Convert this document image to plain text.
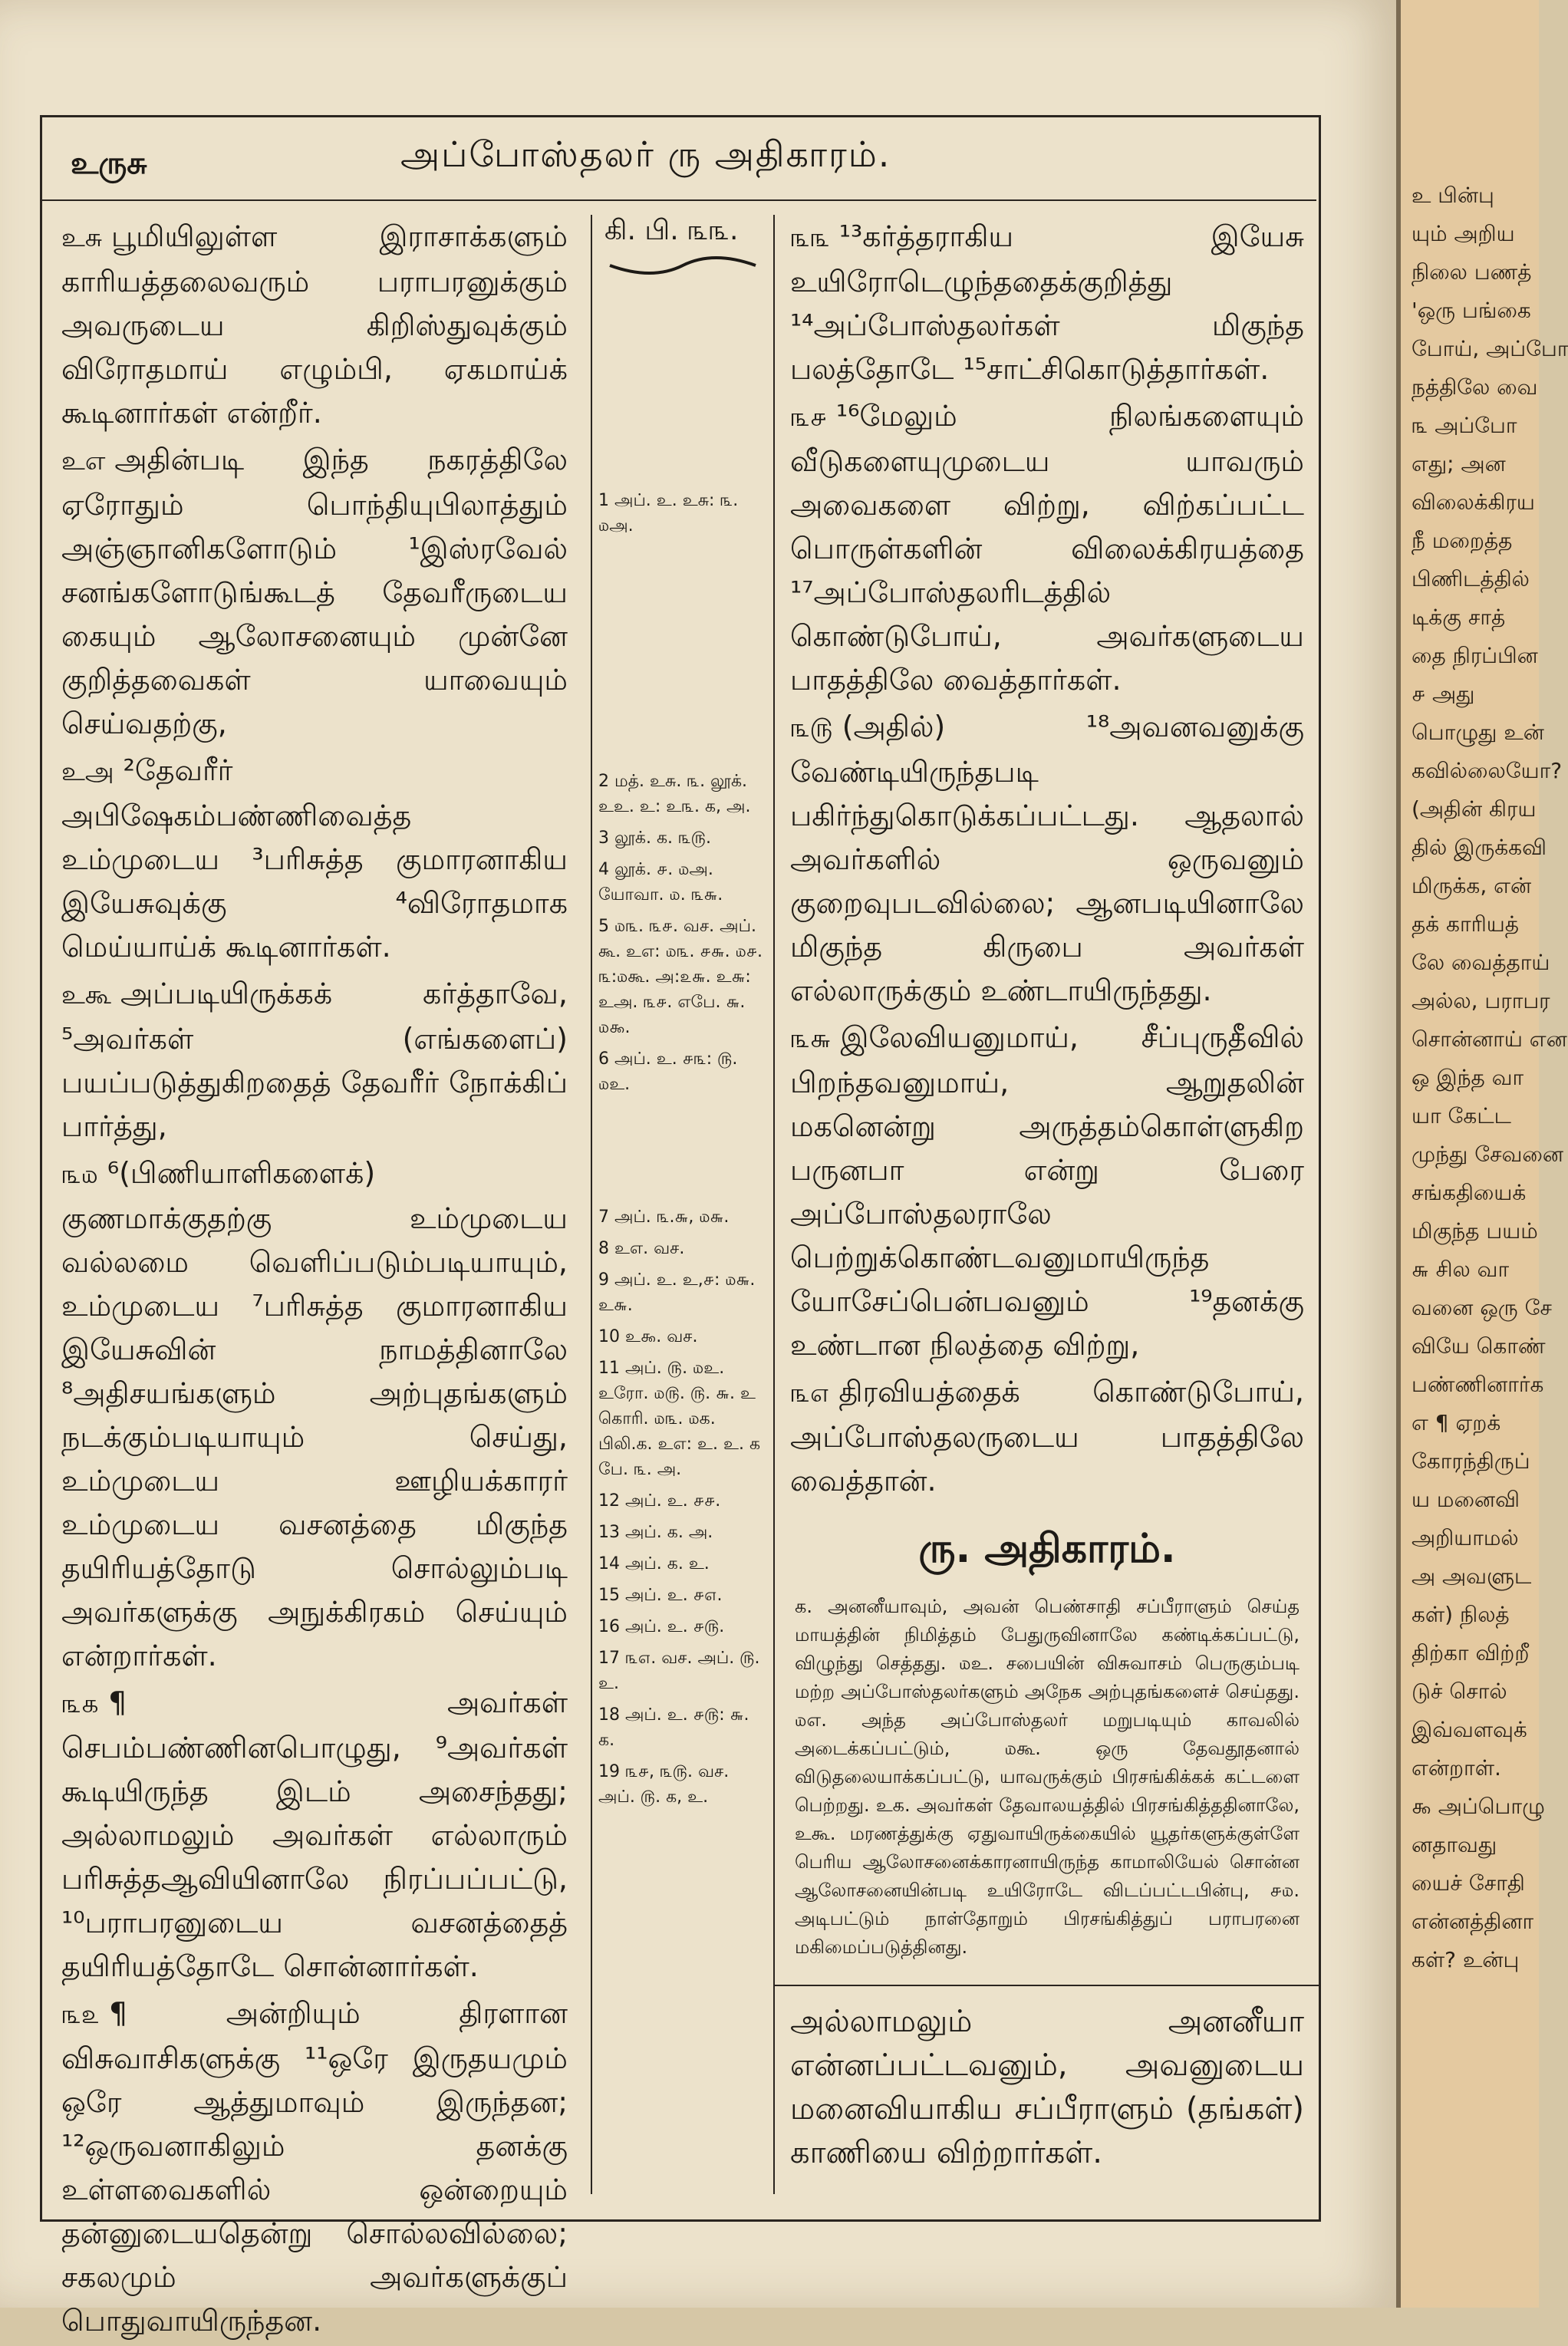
உருசு	அப்போஸ்தலர் ரு அதிகாரம்.

உசு பூமியிலுள்ள இராசாக்களும் காரியத்தலைவரும் பராபரனுக்கும் அவருடைய கிறிஸ்துவுக்கும் விரோதமாய் எழும்பி, ஏகமாய்க் கூடினார்கள் என்றீர்.

உஎ அதின்படி இந்த நகரத்திலே ஏரோதும் பொந்தியுபிலாத்தும் அஞ்ஞானிகளோடும் ¹இஸ்ரவேல் சனங்களோடுங்கூடத் தேவரீருடைய கையும் ஆலோசனையும் முன்னே குறித்தவைகள் யாவையும் செய்வதற்கு,

உஅ ²தேவரீர் அபிஷேகம்பண்ணிவைத்த உம்முடைய ³பரிசுத்த குமாரனாகிய இயேசுவுக்கு ⁴விரோதமாக மெய்யாய்க் கூடினார்கள்.

உகூ அப்படியிருக்கக் கர்த்தாவே, ⁵அவர்கள் (எங்களைப்) பயப்படுத்துகிறதைத் தேவரீர் நோக்கிப் பார்த்து,

௩௰ ⁶(பிணியாளிகளைக்) குணமாக்குதற்கு உம்முடைய வல்லமை வெளிப்படும்படியாயும், உம்முடைய ⁷பரிசுத்த குமாரனாகிய இயேசுவின் நாமத்தினாலே ⁸அதிசயங்களும் அற்புதங்களும் நடக்கும்படியாயும் செய்து, உம்முடைய ஊழியக்காரர் உம்முடைய வசனத்தை மிகுந்த தயிரியத்தோடு சொல்லும்படி அவர்களுக்கு அநுக்கிரகம் செய்யும் என்றார்கள்.

௩௧ ¶ அவர்கள் செபம்பண்ணினபொழுது, ⁹அவர்கள் கூடியிருந்த இடம் அசைந்தது; அல்லாமலும் அவர்கள் எல்லாரும் பரிசுத்தஆவியினாலே நிரப்பப்பட்டு, ¹⁰பராபரனுடைய வசனத்தைத் தயிரியத்தோடே சொன்னார்கள்.

௩௨ ¶ அன்றியும் திரளான விசுவாசிகளுக்கு ¹¹ஒரே இருதயமும் ஒரே ஆத்துமாவும் இருந்தன; ¹²ஒருவனாகிலும் தனக்கு உள்ளவைகளில் ஒன்றையும் தன்னுடையதென்று சொல்லவில்லை; சகலமும் அவர்களுக்குப் பொதுவாயிருந்தன.

கி. பி. ௩௩.
1 அப். உ. உசு: ௩. ௰அ.
2 மத். உசு. ௩. லூக். உஉ. உ: உ௩. க, அ.
3 லூக். க. ௩௫.
4 லூக். ௪. ௰அ. யோவா. ௰. ௩௬.
5 ௰௩. ௩௪. வச. அப். கூ. உஎ: ௰௩. ௪௬. ௰௪. ௩:௰கூ. அ:௨௬. உ௬: உஅ. ௩௪. எபே. ௬. ௰௯.
6 அப். உ. ௪௩: ௫. ௰உ.
7 அப். ௩.௬, ௰௬.
8 உஎ. வச.
9 அப். உ. உ,௪: ௰௬. உ௬.
10 உ௯. வச.
11 அப். ௫. ௰உ. உரோ. ௰௫. ௫. ௬. உ கொரி. ௰௩. ௰க. பிலி.க. உஎ: உ. உ. க பே. ௩. அ.
12 அப். உ. ௪௪.
13 அப். க. அ.
14 அப். க. உ.
15 அப். உ. ௪௭.
16 அப். உ. ௪௫.
17 ௩௭. வச. அப். ௫. உ.
18 அப். உ. ௪௫: ௬. க.
19 ௩௪, ௩௫. வச. அப். ௫. க, உ.

௩௩ ¹³கர்த்தராகிய இயேசு உயிரோடெழுந்ததைக்குறித்து ¹⁴அப்போஸ்தலர்கள் மிகுந்த பலத்தோடே ¹⁵சாட்சிகொடுத்தார்கள்.

௩௪ ¹⁶மேலும் நிலங்களையும் வீடுகளையுமுடைய யாவரும் அவைகளை விற்று, விற்கப்பட்ட பொருள்களின் விலைக்கிரயத்தை ¹⁷அப்போஸ்தலரிடத்தில் கொண்டுபோய், அவர்களுடைய பாதத்திலே வைத்தார்கள்.

௩௫ (அதில்) ¹⁸அவனவனுக்கு வேண்டியிருந்தபடி பகிர்ந்துகொடுக்கப்பட்டது. ஆதலால் அவர்களில் ஒருவனும் குறைவுபடவில்லை; ஆனபடியினாலே மிகுந்த கிருபை அவர்கள் எல்லாருக்கும் உண்டாயிருந்தது.

௩௬ இலேவியனுமாய், சீப்புருதீவில் பிறந்தவனுமாய், ஆறுதலின் மகனென்று அருத்தம்கொள்ளுகிற பருனபா என்று பேரை அப்போஸ்தலராலே பெற்றுக்கொண்டவனுமாயிருந்த யோசேப்பென்பவனும் ¹⁹தனக்கு உண்டான நிலத்தை விற்று,

௩௭ திரவியத்தைக் கொண்டுபோய், அப்போஸ்தலருடைய பாதத்திலே வைத்தான்.

ரு. அதிகாரம்.
க. அனனீயாவும், அவன் பெண்சாதி சப்பீராளும் செய்த மாயத்தின் நிமித்தம் பேதுருவினாலே கண்டிக்கப்பட்டு, விழுந்து செத்தது. ௰உ. சபையின் விசுவாசம் பெருகும்படி மற்ற அப்போஸ்தலர்களும் அநேக அற்புதங்களைச் செய்தது. ௰எ. அந்த அப்போஸ்தலர் மறுபடியும் காவலில் அடைக்கப்பட்டும், ௰கூ. ஒரு தேவதூதனால் விடுதலையாக்கப்பட்டு, யாவருக்கும் பிரசங்கிக்கக் கட்டளை பெற்றது. உக. அவர்கள் தேவாலயத்தில் பிரசங்கித்ததினாலே, உகூ. மரணத்துக்கு ஏதுவாயிருக்கையில் யூதர்களுக்குள்ளே பெரிய ஆலோசனைக்காரனாயிருந்த காமாலியேல் சொன்ன ஆலோசனையின்படி உயிரோடே விடப்பட்டபின்பு, ௪௰. அடிபட்டும் நாள்தோறும் பிரசங்கித்துப் பராபரனை மகிமைப்படுத்தினது.

அல்லாமலும் அனனீயா என்னப்பட்டவனும், அவனுடைய மனைவியாகிய சப்பீராளும் (தங்கள்) காணியை விற்றார்கள்.

உ பின்பு
யும் அறிய
நிலை பணத்
'ஒரு பங்கை
போய், அப்போ
நத்திலே வை
௩ அப்போ
எது; அன
விலைக்கிரய
நீ மறைத்த
பிணிடத்தில்
டிக்கு சாத்
தை நிரப்பின
௪ அது
பொழுது உன்
கவில்லையோ?
(அதின் கிரய
தில் இருக்கவி
மிருக்க, என்
தக் காரியத்
லே வைத்தாய்
அல்ல, பராபர
சொன்னாய் என
ஒ இந்த வா
யா கேட்ட
முந்து சேவனை
சங்கதியைக்
மிகுந்த பயம்
௬ சில வா
வனை ஒரு சே
வியே கொண்
பண்ணினார்க
எ ¶ ஏறக்
கோரந்திருப்
ய மனைவி
அறியாமல்
அ அவளுட
கள்) நிலத்
திற்கா விற்றீ
டுச் சொல்
இவ்வளவுக்
என்றாள்.
௯ அப்பொழு
னதாவது
யைச் சோதி
என்னத்தினா
கள்? உன்பு
